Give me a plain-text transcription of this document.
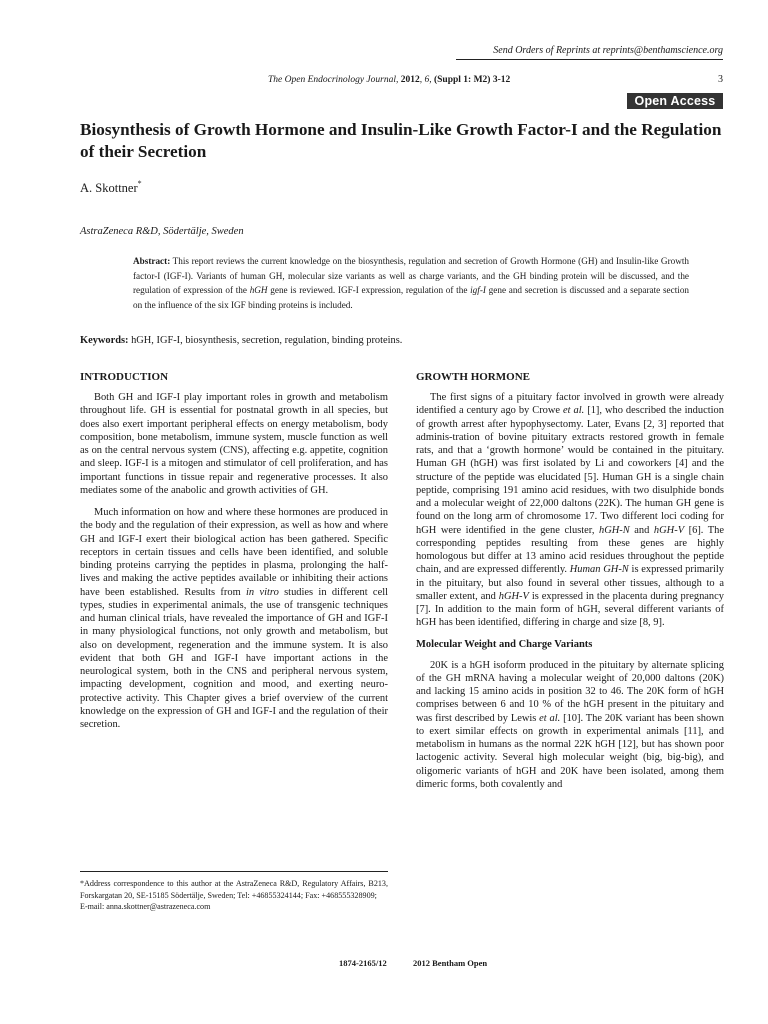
Send Orders of Reprints at reprints@benthamscience.org
The Open Endocrinology Journal, 2012, 6, (Suppl 1: M2) 3-12	3
Open Access
Biosynthesis of Growth Hormone and Insulin-Like Growth Factor-I and the Regulation of their Secretion
A. Skottner*
AstraZeneca R&D, Södertälje, Sweden
Abstract: This report reviews the current knowledge on the biosynthesis, regulation and secretion of Growth Hormone (GH) and Insulin-like Growth factor-I (IGF-I). Variants of human GH, molecular size variants as well as charge variants, and the GH binding protein will be discussed, and the regulation of expression of the hGH gene is reviewed. IGF-I expression, regulation of the igf-I gene and secretion is discussed and a separate section on the influence of the six IGF binding proteins is included.
Keywords: hGH, IGF-I, biosynthesis, secretion, regulation, binding proteins.
INTRODUCTION

Both GH and IGF-I play important roles in growth and metabolism throughout life. GH is essential for postnatal growth in all species, but does also exert important peripheral effects on energy metabolism, body composition, bone metabolism, immune system, muscle function as well as on the central nervous system (CNS), affecting e.g. appetite, cognition and sleep. IGF-I is a mitogen and stimulator of cell proliferation, and has important functions in tissue repair and regenerative processes. It also mediates some of the anabolic and growth activities of GH.

Much information on how and where these hormones are produced in the body and the regulation of their expression, as well as how and where GH and IGF-I exert their biological action has been gathered. Specific receptors in certain tissues and cells have been identified, and soluble binding proteins carrying the peptides in plasma, prolonging the half-lives and making the active peptides available or inhibiting their actions have been established. Results from in vitro studies in different cell types, studies in experimental animals, the use of transgenic techniques and human clinical trials, have revealed the importance of GH and IGF-I in many physiological functions, not only growth and metabolism, but also on development, regeneration and the immune system. It is also evident that both GH and IGF-I have important actions in the neurological system, both in the CNS and peripheral nervous system, impacting development, cognition and mood, and exerting neuro-protective activity. This Chapter gives a brief overview of the current knowledge on the expression of GH and IGF-I and the regulation of their secretion.

*Address correspondence to this author at the AstraZeneca R&D, Regulatory Affairs, B213, Forskargatan 20, SE-15185 Södertälje, Sweden; Tel: +46855324144; Fax: +468555328909;
E-mail: anna.skottner@astrazeneca.com
GROWTH HORMONE

The first signs of a pituitary factor involved in growth were already identified a century ago by Crowe et al. [1], who described the induction of growth arrest after hypophysectomy. Later, Evans [2, 3] reported that adminis-tration of bovine pituitary extracts restored growth in female rats, and that a ‘growth hormone’ would be contained in the pituitary. Human GH (hGH) was first isolated by Li and coworkers [4] and the structure of the peptide was elucidated [5]. Human GH is a single chain peptide, comprising 191 amino acid residues, with two disulphide bonds and a molecular weight of 22,000 daltons (22K). The human GH gene is found on the long arm of chromosome 17. Two different loci coding for hGH were identified in the gene cluster, hGH-N and hGH-V [6]. The corresponding peptides resulting from these genes are highly homologous but differ at 13 amino acid residues throughout the peptide chain, and are expressed differently. Human GH-N is expressed primarily in the pituitary, but also found in several other tissues, although to a smaller extent, and hGH-V is expressed in the placenta during pregnancy [7]. In addition to the main form of hGH, several different variants of hGH has been identified, differing in charge and size [8, 9].

Molecular Weight and Charge Variants

20K is a hGH isoform produced in the pituitary by alternate splicing of the GH mRNA having a molecular weight of 20,000 daltons (20K) and lacking 15 amino acids in position 32 to 46. The 20K form of hGH comprises between 6 and 10 % of the hGH present in the pituitary and was first described by Lewis et al. [10]. The 20K variant has been shown to exert similar effects on growth in experimental animals [11], and metabolism in humans as the normal 22K hGH [12], but has shown poor lactogenic activity. Several high molecular weight (big, big-big), and oligomeric variants of hGH and 20K have been isolated, among them dimeric forms, both covalently and

1874-2165/12	2012 Bentham Open
